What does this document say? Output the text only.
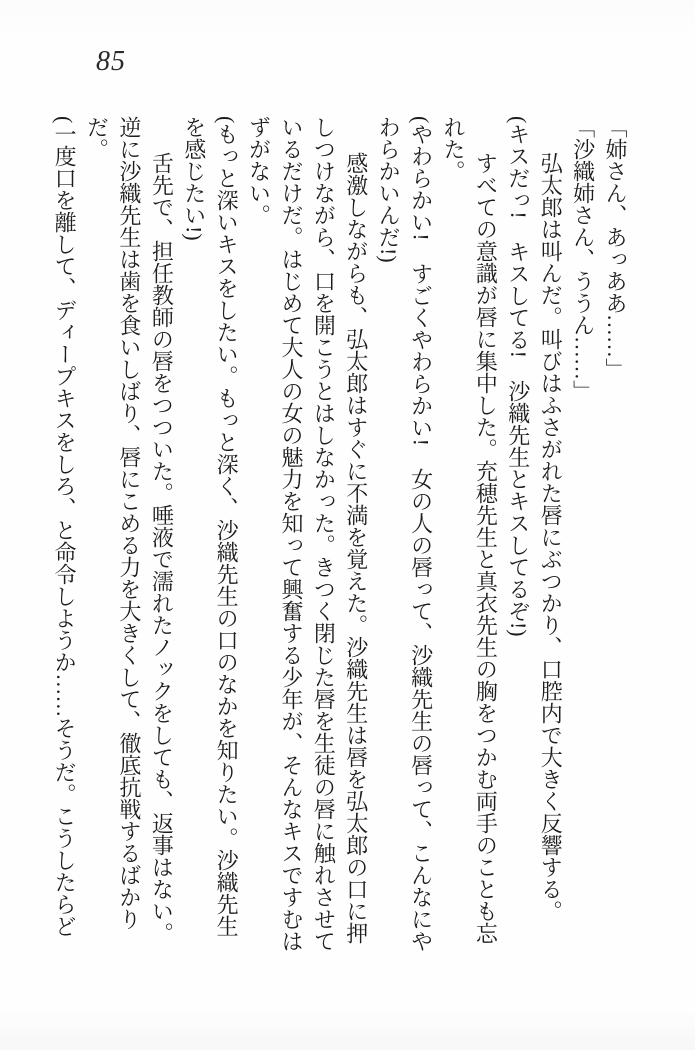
85

「姉さん、あっああ……」

「沙織姉さん、ううん……」

弘太郎は叫んだ。叫びはふさがれた唇にぶつかり、口腔内で大きく反響する。

(キスだっ!　キスしてる!　沙織先生とキスしてるぞ!)

すべての意識が唇に集中した。充穂先生と真衣先生の胸をつかむ両手のことも忘れた。

(やわらかい!　すごくやわらかい!　女の人の唇って、沙織先生の唇って、こんなにやわらかいんだ!)

感激しながらも、弘太郎はすぐに不満を覚えた。沙織先生は唇を弘太郎の口に押しつけながら、口を開こうとはしなかった。きつく閉じた唇を生徒の唇に触れさせているだけだ。はじめて大人の女の魅力を知って興奮する少年が、そんなキスですむはずがない。

(もっと深いキスをしたい。もっと深く、沙織先生の口のなかを知りたい。沙織先生を感じたい!)

舌先で、担任教師の唇をつついた。唾液で濡れたノックをしても、返事はない。逆に沙織先生は歯を食いしばり、唇にこめる力を大きくして、徹底抗戦するばかりだ。

(一度口を離して、ディープキスをしろ、と命令しようか……そうだ。こうしたらど
